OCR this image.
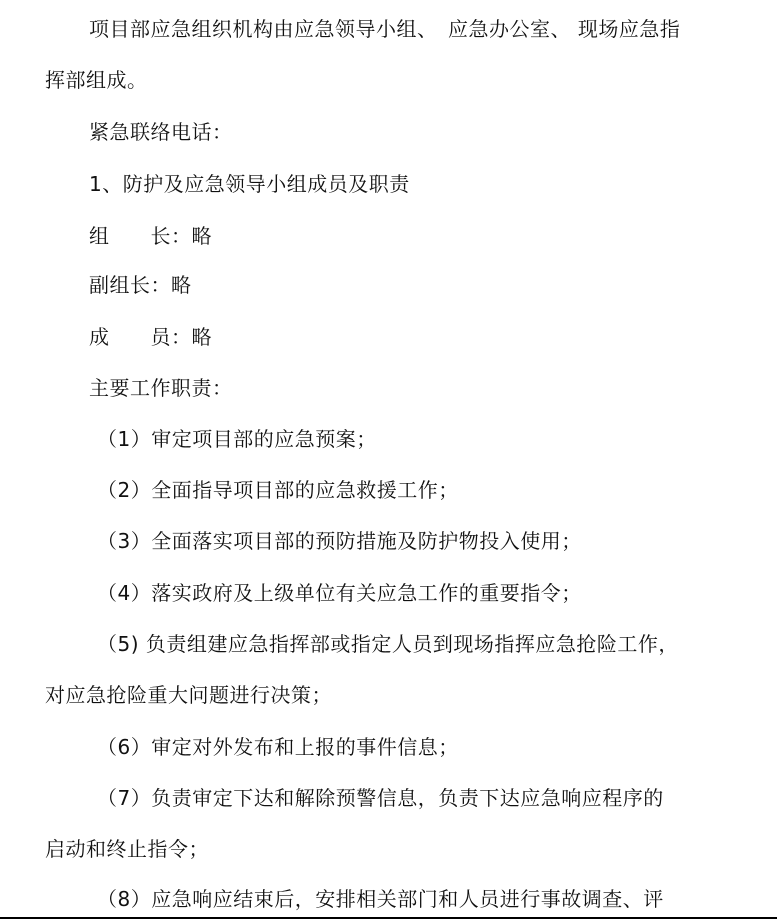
项目部应急组织机构由应急领导小组、　应急办公室、 现场应急指
挥部组成。
紧急联络电话：
1、防护及应急领导小组成员及职责
组　　长：略
副组长：略
成　　员：略
主要工作职责：
（1）审定项目部的应急预案；
（2）全面指导项目部的应急救援工作；
（3）全面落实项目部的预防措施及防护物投入使用；
（4）落实政府及上级单位有关应急工作的重要指令；
（5) 负责组建应急指挥部或指定人员到现场指挥应急抢险工作，
对应急抢险重大问题进行决策；
（6）审定对外发布和上报的事件信息；
（7）负责审定下达和解除预警信息，负责下达应急响应程序的
启动和终止指令；
（8）应急响应结束后，安排相关部门和人员进行事故调查、评
